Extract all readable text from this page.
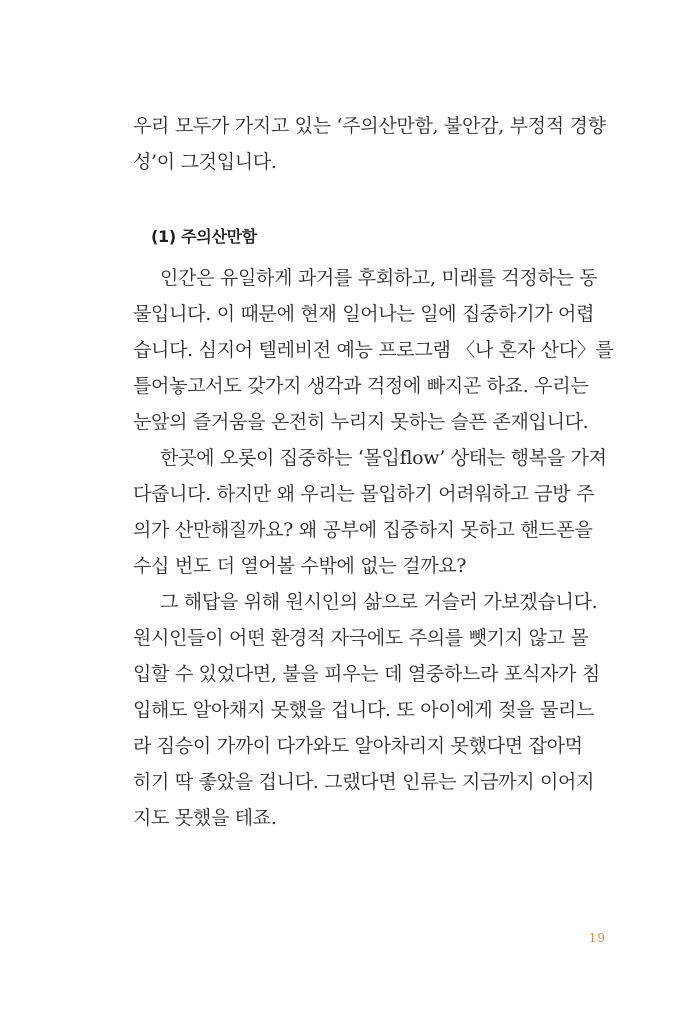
우리 모두가 가지고 있는 ‘주의산만함, 불안감, 부정적 경향
성’이 그것입니다.
(1) 주의산만함
인간은 유일하게 과거를 후회하고, 미래를 걱정하는 동
물입니다. 이 때문에 현재 일어나는 일에 집중하기가 어렵
습니다. 심지어 텔레비전 예능 프로그램 〈나 혼자 산다〉를
틀어놓고서도 갖가지 생각과 걱정에 빠지곤 하죠. 우리는
눈앞의 즐거움을 온전히 누리지 못하는 슬픈 존재입니다.
한곳에 오롯이 집중하는 ‘몰입flow’ 상태는 행복을 가져
다줍니다. 하지만 왜 우리는 몰입하기 어려워하고 금방 주
의가 산만해질까요? 왜 공부에 집중하지 못하고 핸드폰을
수십 번도 더 열어볼 수밖에 없는 걸까요?
그 해답을 위해 원시인의 삶으로 거슬러 가보겠습니다.
원시인들이 어떤 환경적 자극에도 주의를 뺏기지 않고 몰
입할 수 있었다면, 불을 피우는 데 열중하느라 포식자가 침
입해도 알아채지 못했을 겁니다. 또 아이에게 젖을 물리느
라 짐승이 가까이 다가와도 알아차리지 못했다면 잡아먹
히기 딱 좋았을 겁니다. 그랬다면 인류는 지금까지 이어지
지도 못했을 테죠.
19
